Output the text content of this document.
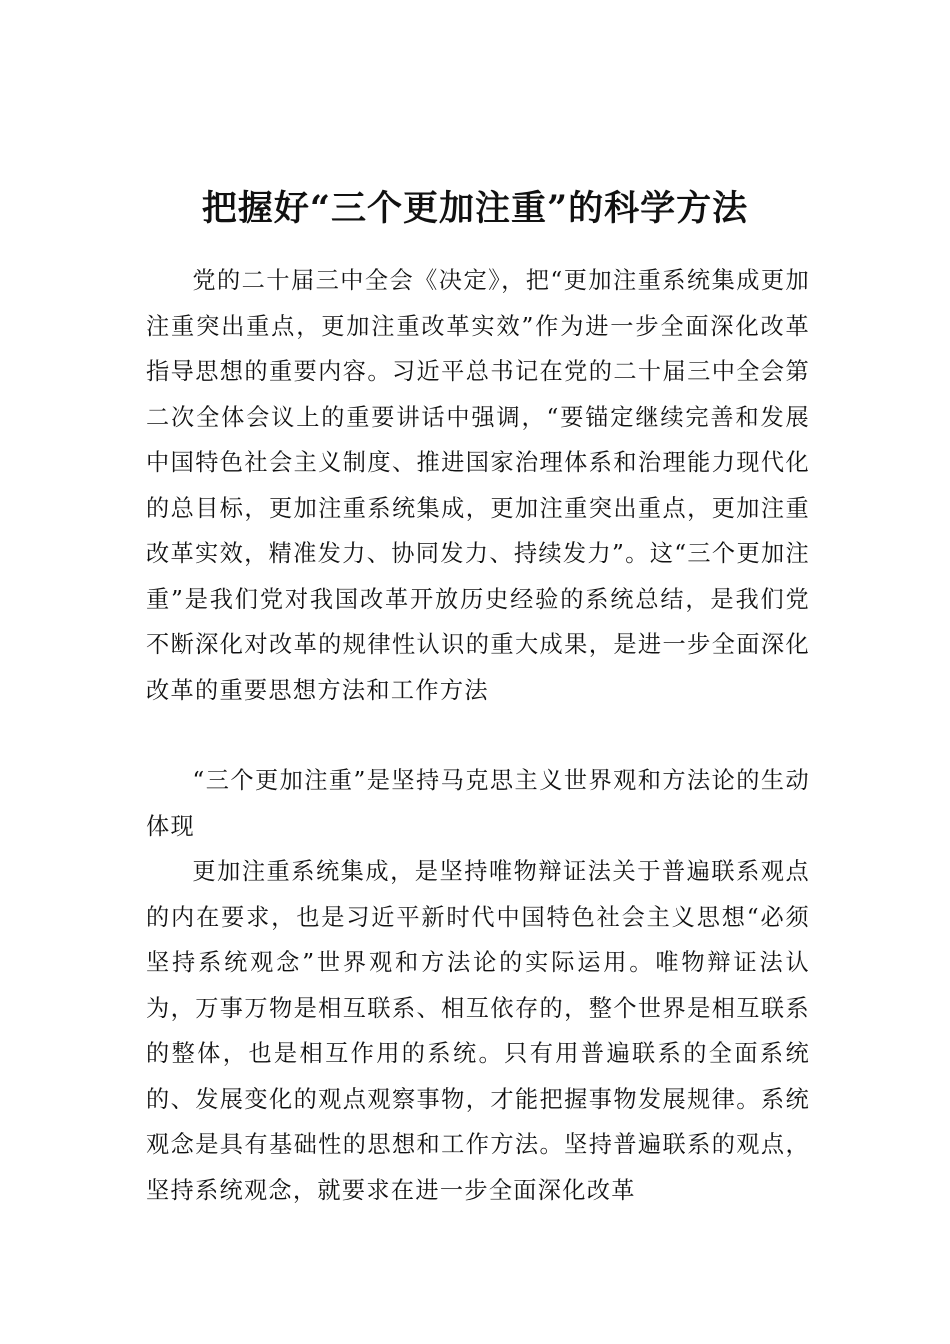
把握好“三个更加注重”的科学方法

党的二十届三中全会《决定》，把“更加注重系统集成更加注重突出重点，更加注重改革实效”作为进一步全面深化改革指导思想的重要内容。习近平总书记在党的二十届三中全会第二次全体会议上的重要讲话中强调，“要锚定继续完善和发展中国特色社会主义制度、推进国家治理体系和治理能力现代化的总目标，更加注重系统集成，更加注重突出重点，更加注重改革实效，精准发力、协同发力、持续发力”。这“三个更加注重”是我们党对我国改革开放历史经验的系统总结，是我们党不断深化对改革的规律性认识的重大成果，是进一步全面深化改革的重要思想方法和工作方法

“三个更加注重”是坚持马克思主义世界观和方法论的生动体现

更加注重系统集成，是坚持唯物辩证法关于普遍联系观点的内在要求，也是习近平新时代中国特色社会主义思想“必须坚持系统观念”世界观和方法论的实际运用。唯物辩证法认为，万事万物是相互联系、相互依存的，整个世界是相互联系的整体，也是相互作用的系统。只有用普遍联系的全面系统的、发展变化的观点观察事物，才能把握事物发展规律。系统观念是具有基础性的思想和工作方法。坚持普遍联系的观点，坚持系统观念，就要求在进一步全面深化改革
